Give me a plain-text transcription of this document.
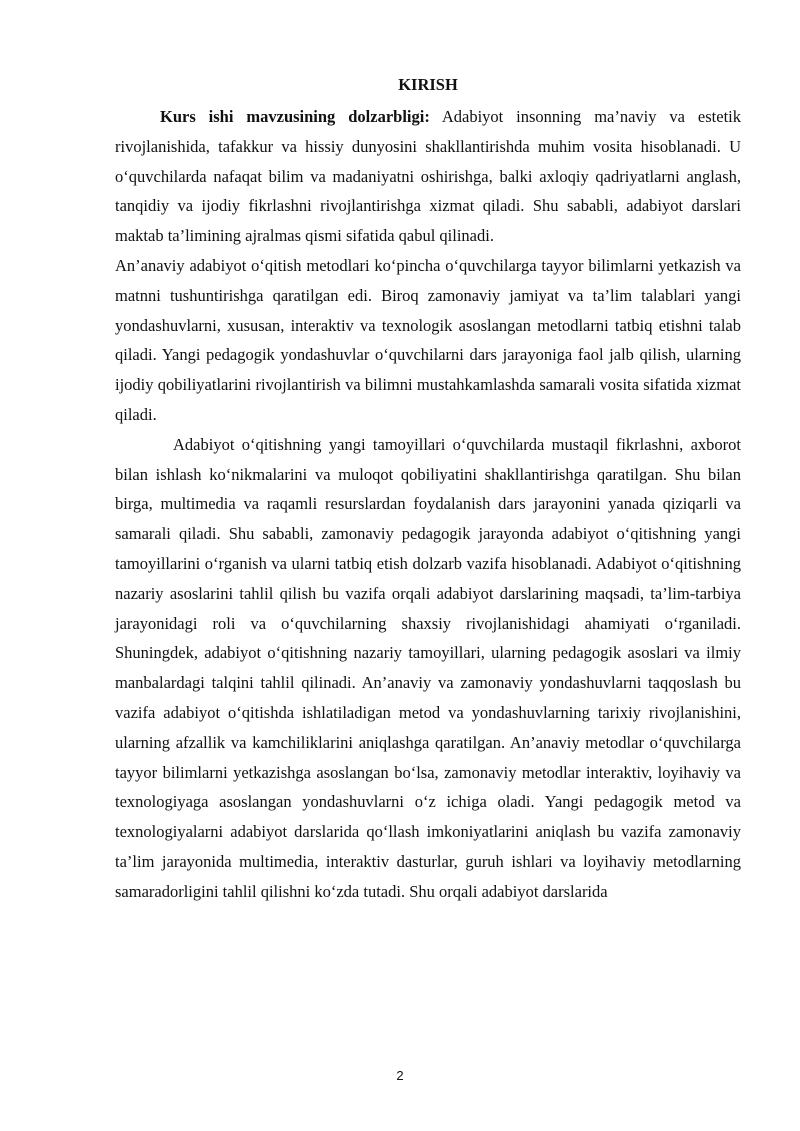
KIRISH

Kurs ishi mavzusining dolzarbligi: Adabiyot insonning ma’naviy va estetik rivojlanishida, tafakkur va hissiy dunyosini shakllantirishda muhim vosita hisoblanadi. U o‘quvchilarda nafaqat bilim va madaniyatni oshirishga, balki axloqiy qadriyatlarni anglash, tanqidiy va ijodiy fikrlashni rivojlantirishga xizmat qiladi. Shu sababli, adabiyot darslari maktab ta’limining ajralmas qismi sifatida qabul qilinadi.

An’anaviy adabiyot o‘qitish metodlari ko‘pincha o‘quvchilarga tayyor bilimlarni yetkazish va matnni tushuntirishga qaratilgan edi. Biroq zamonaviy jamiyat va ta’lim talablari yangi yondashuvlarni, xususan, interaktiv va texnologik asoslangan metodlarni tatbiq etishni talab qiladi. Yangi pedagogik yondashuvlar o‘quvchilarni dars jarayoniga faol jalb qilish, ularning ijodiy qobiliyatlarini rivojlantirish va bilimni mustahkamlashda samarali vosita sifatida xizmat qiladi.

Adabiyot o‘qitishning yangi tamoyillari o‘quvchilarda mustaqil fikrlashni, axborot bilan ishlash ko‘nikmalarini va muloqot qobiliyatini shakllantirishga qaratilgan. Shu bilan birga, multimedia va raqamli resurslardan foydalanish dars jarayonini yanada qiziqarli va samarali qiladi. Shu sababli, zamonaviy pedagogik jarayonda adabiyot o‘qitishning yangi tamoyillarini o‘rganish va ularni tatbiq etish dolzarb vazifa hisoblanadi. Adabiyot o‘qitishning nazariy asoslarini tahlil qilish bu vazifa orqali adabiyot darslarining maqsadi, ta’lim-tarbiya jarayonidagi roli va o‘quvchilarning shaxsiy rivojlanishidagi ahamiyati o‘rganiladi. Shuningdek, adabiyot o‘qitishning nazariy tamoyillari, ularning pedagogik asoslari va ilmiy manbalardagi talqini tahlil qilinadi. An’anaviy va zamonaviy yondashuvlarni taqqoslash bu vazifa adabiyot o‘qitishda ishlatiladigan metod va yondashuvlarning tarixiy rivojlanishini, ularning afzallik va kamchiliklarini aniqlashga qaratilgan. An’anaviy metodlar o‘quvchilarga tayyor bilimlarni yetkazishga asoslangan bo‘lsa, zamonaviy metodlar interaktiv, loyihaviy va texnologiyaga asoslangan yondashuvlarni o‘z ichiga oladi. Yangi pedagogik metod va texnologiyalarni adabiyot darslarida qo‘llash imkoniyatlarini aniqlash bu vazifa zamonaviy ta’lim jarayonida multimedia, interaktiv dasturlar, guruh ishlari va loyihaviy metodlarning samaradorligini tahlil qilishni ko‘zda tutadi. Shu orqali adabiyot darslarida

2
